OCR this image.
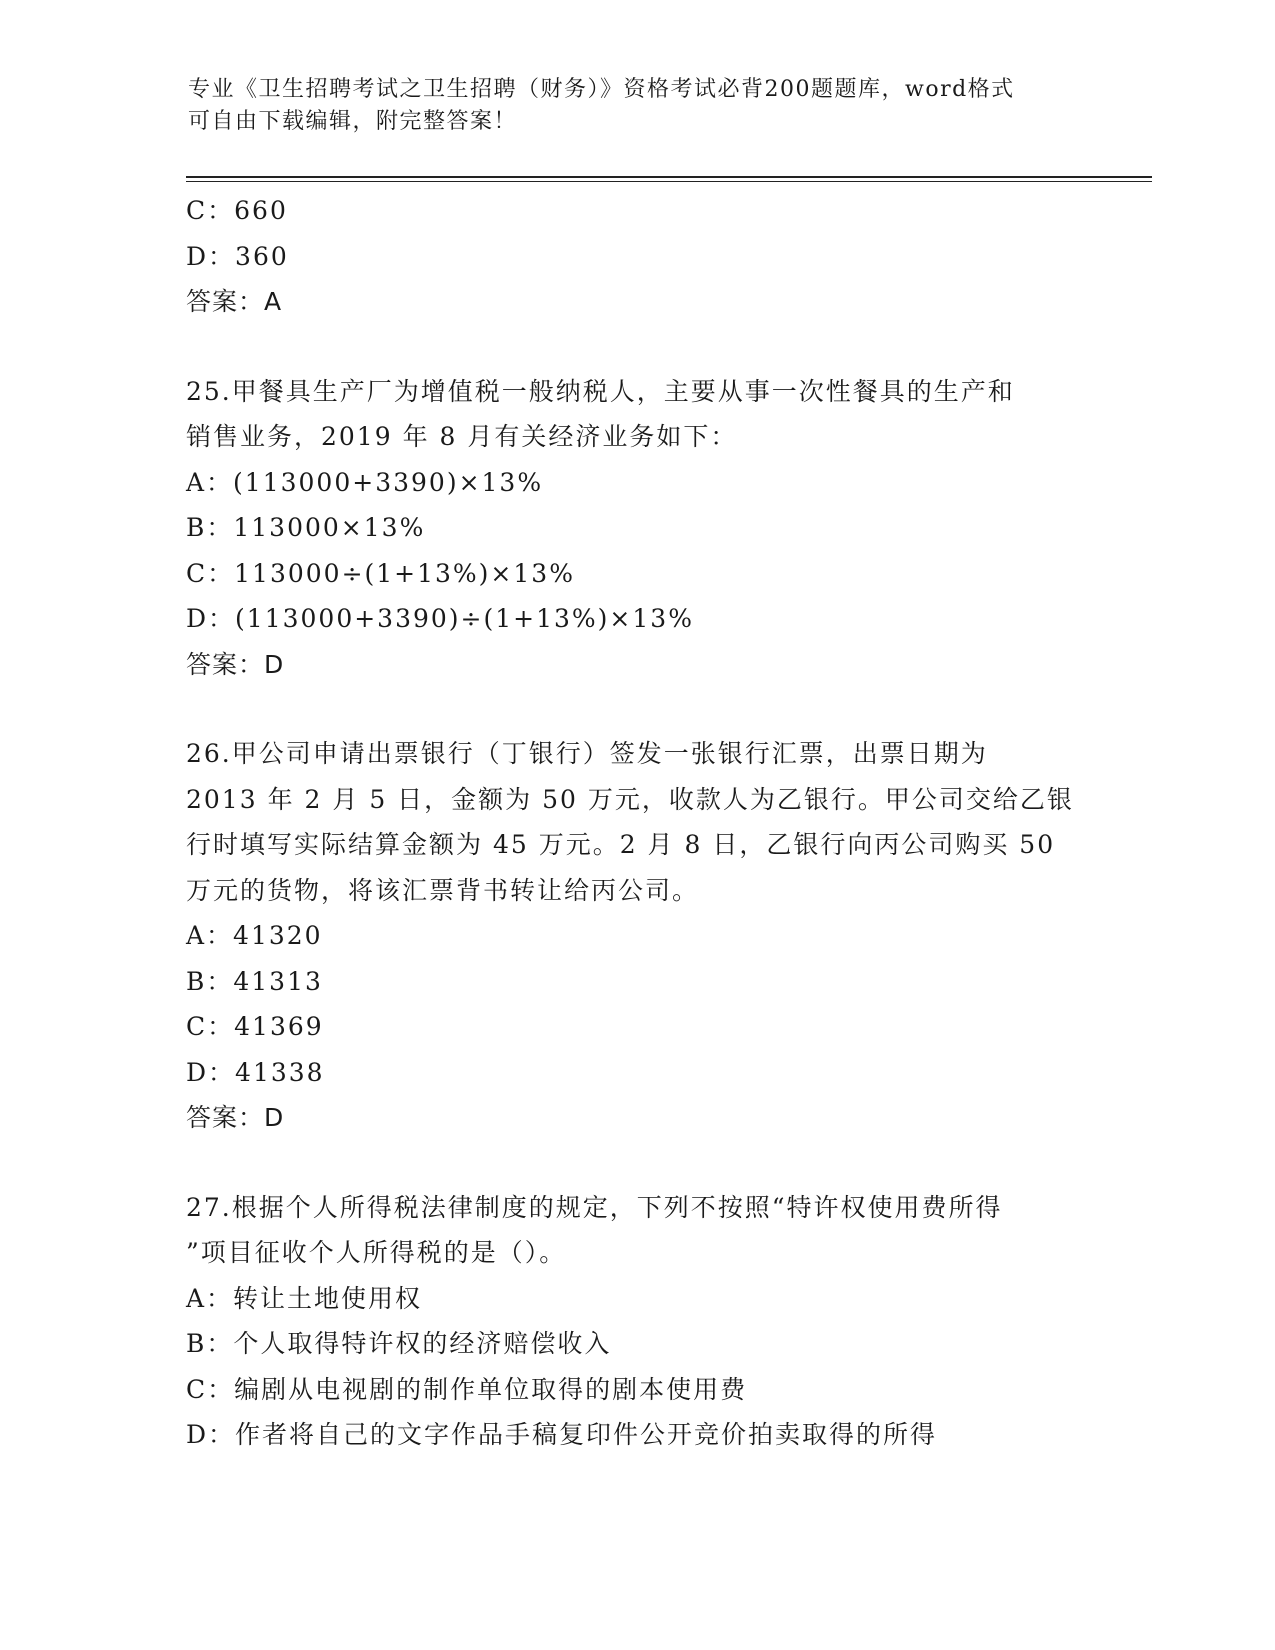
专业《卫生招聘考试之卫生招聘（财务）》资格考试必背200题题库，word格式
可自由下载编辑，附完整答案！
C：660
D：360
答案：A
25.甲餐具生产厂为增值税一般纳税人，主要从事一次性餐具的生产和
销售业务，2019 年 8 月有关经济业务如下：
A：(113000+3390)×13%
B：113000×13%
C：113000÷(1+13%)×13%
D：(113000+3390)÷(1+13%)×13%
答案：D
26.甲公司申请出票银行（丁银行）签发一张银行汇票，出票日期为
2013 年 2 月 5 日，金额为 50 万元，收款人为乙银行。甲公司交给乙银
行时填写实际结算金额为 45 万元。2 月 8 日，乙银行向丙公司购买 50
万元的货物，将该汇票背书转让给丙公司。
A：41320
B：41313
C：41369
D：41338
答案：D
27.根据个人所得税法律制度的规定，下列不按照“特许权使用费所得
”项目征收个人所得税的是（）。
A：转让土地使用权
B：个人取得特许权的经济赔偿收入
C：编剧从电视剧的制作单位取得的剧本使用费
D：作者将自己的文字作品手稿复印件公开竞价拍卖取得的所得
